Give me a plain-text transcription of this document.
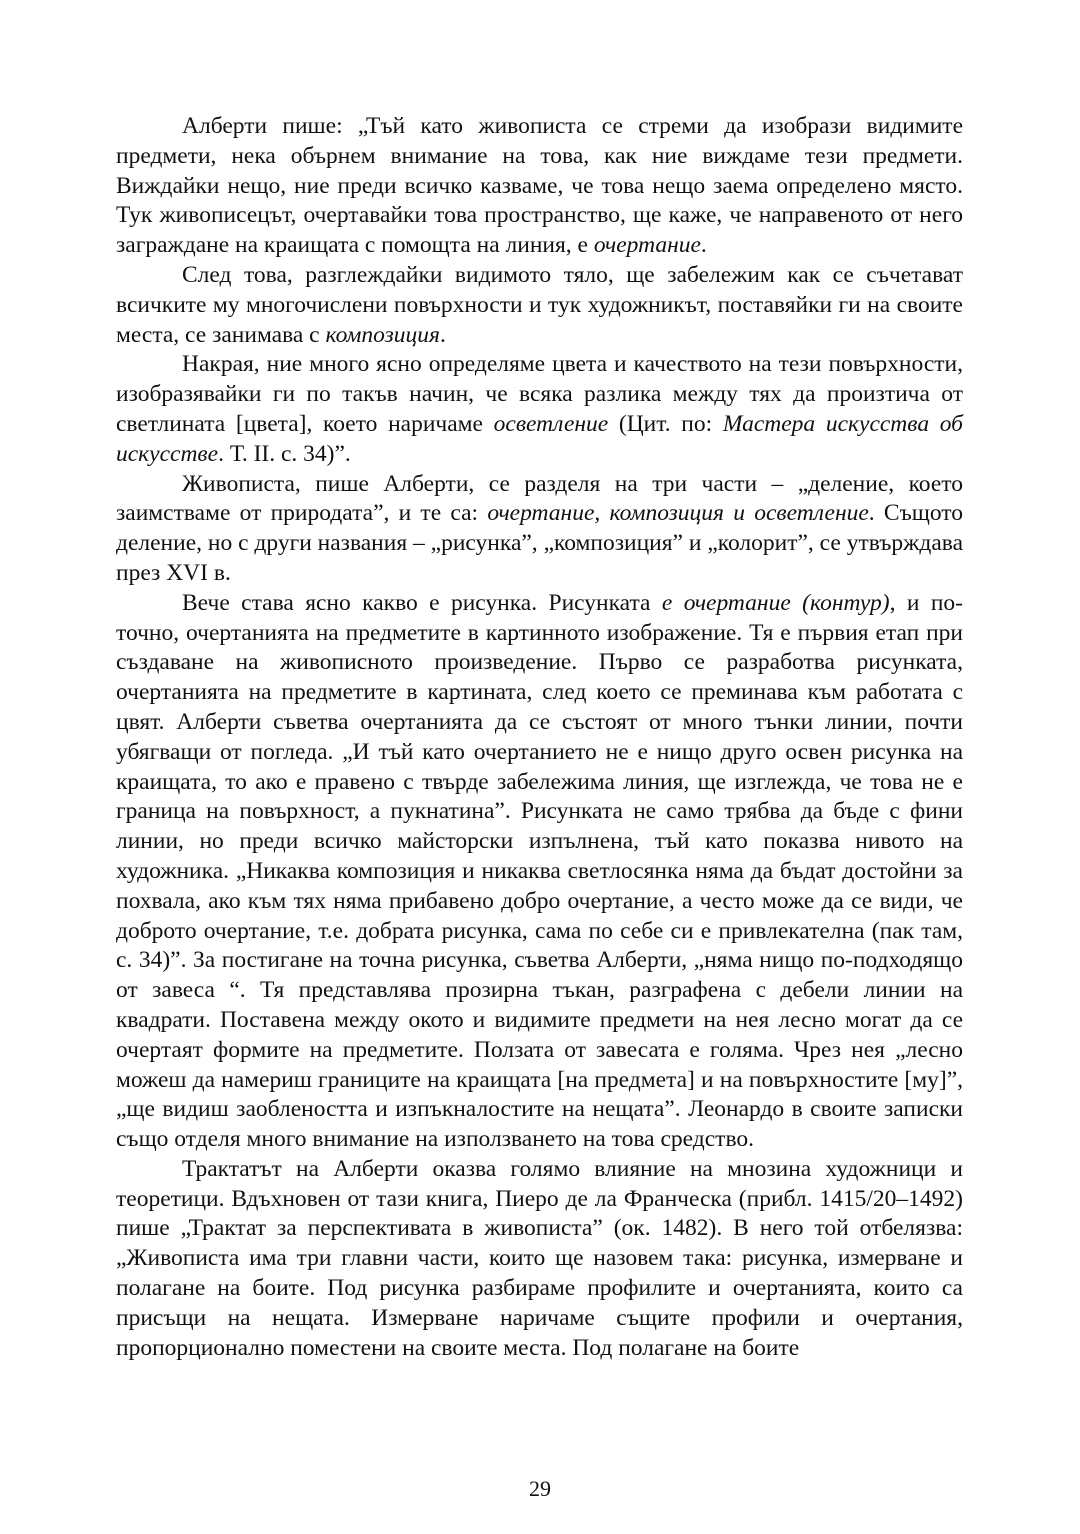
Алберти пише: „Тъй като живописта се стреми да изобрази видимите предмети, нека обърнем внимание на това, как ние виждаме тези предмети. Виждайки нещо, ние преди всичко казваме, че това нещо заема определено място. Тук живописецът, очертавайки това пространство, ще каже, че направеното от него заграждане на краищата с помощта на линия, е очертание.

След това, разглеждайки видимото тяло, ще забележим как се съчетават всичките му многочислени повърхности и тук художникът, поставяйки ги на своите места, се занимава с композиция.

Накрая, ние много ясно определяме цвета и качеството на тези повърхности, изобразявайки ги по такъв начин, че всяка разлика между тях да произтича от светлината [цвета], което наричаме осветление (Цит. по: Мастера искусства об искусстве. Т. II. с. 34)”.

Живописта, пише Алберти, се разделя на три части – „деление, което заимстваме от природата”, и те са: очертание, композиция и осветление. Същото деление, но с други названия – „рисунка”, „композиция” и „колорит”, се утвърждава през XVI в.

Вече става ясно какво е рисунка. Рисунката е очертание (контур), и по-точно, очертанията на предметите в картинното изображение. Тя е първия етап при създаване на живописното произведение. Първо се разработва рисунката, очертанията на предметите в картината, след което се преминава към работата с цвят. Алберти съветва очертанията да се състоят от много тънки линии, почти убягващи от погледа. „И тъй като очертанието не е нищо друго освен рисунка на краищата, то ако е правено с твърде забележима линия, ще изглежда, че това не е граница на повърхност, а пукнатина”. Рисунката не само трябва да бъде с фини линии, но преди всичко майсторски изпълнена, тъй като показва нивото на художника. „Никаква композиция и никаква светлосянка няма да бъдат достойни за похвала, ако към тях няма прибавено добро очертание, а често може да се види, че доброто очертание, т.е. добрата рисунка, сама по себе си е привлекателна (пак там, с. 34)”. За постигане на точна рисунка, съветва Алберти, „няма нищо по-подходящо от завеса “. Тя представлява прозирна тъкан, разграфена с дебели линии на квадрати. Поставена между окото и видимите предмети на нея лесно могат да се очертаят формите на предметите. Ползата от завесата е голяма. Чрез нея „лесно можеш да намериш границите на краищата [на предмета] и на повърхностите [му]”, „ще видиш заоблеността и изпъкналостите на нещата”. Леонардо в своите записки също отделя много внимание на използването на това средство.

Трактатът на Алберти оказва голямо влияние на мнозина художници и теоретици. Вдъхновен от тази книга, Пиеро де ла Франческа (прибл. 1415/20–1492) пише „Трактат за перспективата в живописта” (ок. 1482). В него той отбелязва: „Живописта има три главни части, които ще назовем така: рисунка, измерване и полагане на боите. Под рисунка разбираме профилите и очертанията, които са присъщи на нещата. Измерване наричаме същите профили и очертания, пропорционално поместени на своите места. Под полагане на боите

29
